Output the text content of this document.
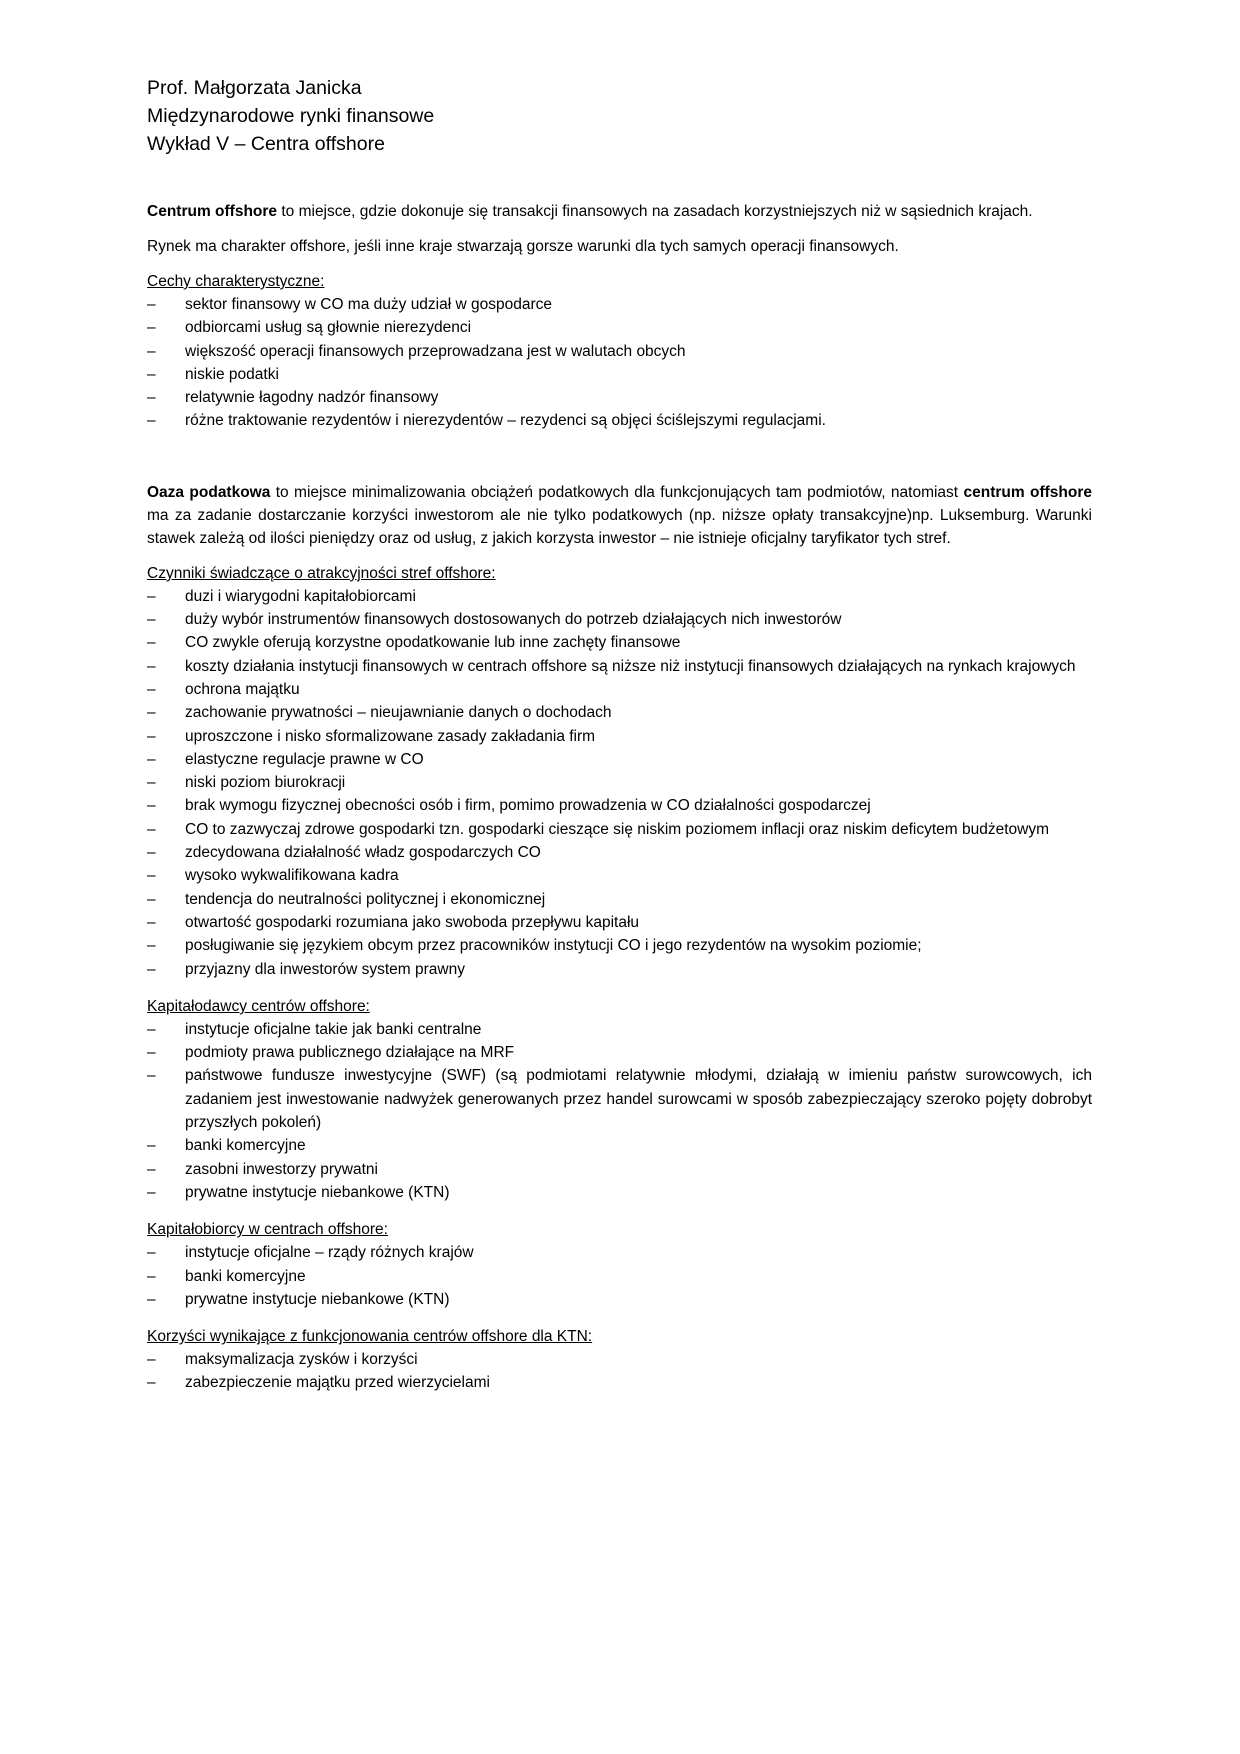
Prof. Małgorzata Janicka

Międzynarodowe rynki finansowe

Wykład V – Centra offshore

Centrum offshore to miejsce, gdzie dokonuje się transakcji finansowych na zasadach korzystniejszych niż w sąsiednich krajach.

Rynek ma charakter offshore, jeśli inne kraje stwarzają gorsze warunki dla tych samych operacji finansowych.

Cechy charakterystyczne:

– sektor finansowy w CO ma duży udział w gospodarce
– odbiorcami usług są głownie nierezydenci
– większość operacji finansowych przeprowadzana jest w walutach obcych
– niskie podatki
– relatywnie łagodny nadzór finansowy
– różne traktowanie rezydentów i nierezydentów – rezydenci są objęci ściślejszymi regulacjami.

Oaza podatkowa to miejsce minimalizowania obciążeń podatkowych dla funkcjonujących tam podmiotów, natomiast centrum offshore ma za zadanie dostarczanie korzyści inwestorom ale nie tylko podatkowych (np. niższe opłaty transakcyjne)np. Luksemburg. Warunki stawek zależą od ilości pieniędzy oraz od usług, z jakich korzysta inwestor – nie istnieje oficjalny taryfikator tych stref.

Czynniki świadczące o atrakcyjności stref offshore:

– duzi i wiarygodni kapitałobiorcami
– duży wybór instrumentów finansowych dostosowanych do potrzeb działających nich inwestorów
– CO zwykle oferują korzystne opodatkowanie lub inne zachęty finansowe
– koszty działania instytucji finansowych w centrach offshore są niższe niż instytucji finansowych działających na rynkach krajowych
– ochrona majątku
– zachowanie prywatności – nieujawnianie danych o dochodach
– uproszczone i nisko sformalizowane zasady zakładania firm
– elastyczne regulacje prawne w CO
– niski poziom biurokracji
– brak wymogu fizycznej obecności osób i firm, pomimo prowadzenia w CO działalności gospodarczej
– CO to zazwyczaj zdrowe gospodarki tzn. gospodarki cieszące się niskim poziomem inflacji oraz niskim deficytem budżetowym
– zdecydowana działalność władz gospodarczych CO
– wysoko wykwalifikowana kadra
– tendencja do neutralności politycznej i ekonomicznej
– otwartość gospodarki rozumiana jako swoboda przepływu kapitału
– posługiwanie się językiem obcym przez pracowników instytucji CO i jego rezydentów na wysokim poziomie;
– przyjazny dla inwestorów system prawny

Kapitałodawcy centrów offshore:

– instytucje oficjalne takie jak banki centralne
– podmioty prawa publicznego działające na MRF
– państwowe fundusze inwestycyjne (SWF) (są podmiotami relatywnie młodymi, działają w imieniu państw surowcowych, ich zadaniem jest inwestowanie nadwyżek generowanych przez handel surowcami w sposób zabezpieczający szeroko pojęty dobrobyt przyszłych pokoleń)
– banki komercyjne
– zasobni inwestorzy prywatni
– prywatne instytucje niebankowe (KTN)

Kapitałobiorcy w centrach offshore:

– instytucje oficjalne – rządy różnych krajów
– banki komercyjne
– prywatne instytucje niebankowe (KTN)

Korzyści wynikające z funkcjonowania centrów offshore dla KTN:

– maksymalizacja zysków i korzyści
– zabezpieczenie majątku przed wierzycielami
